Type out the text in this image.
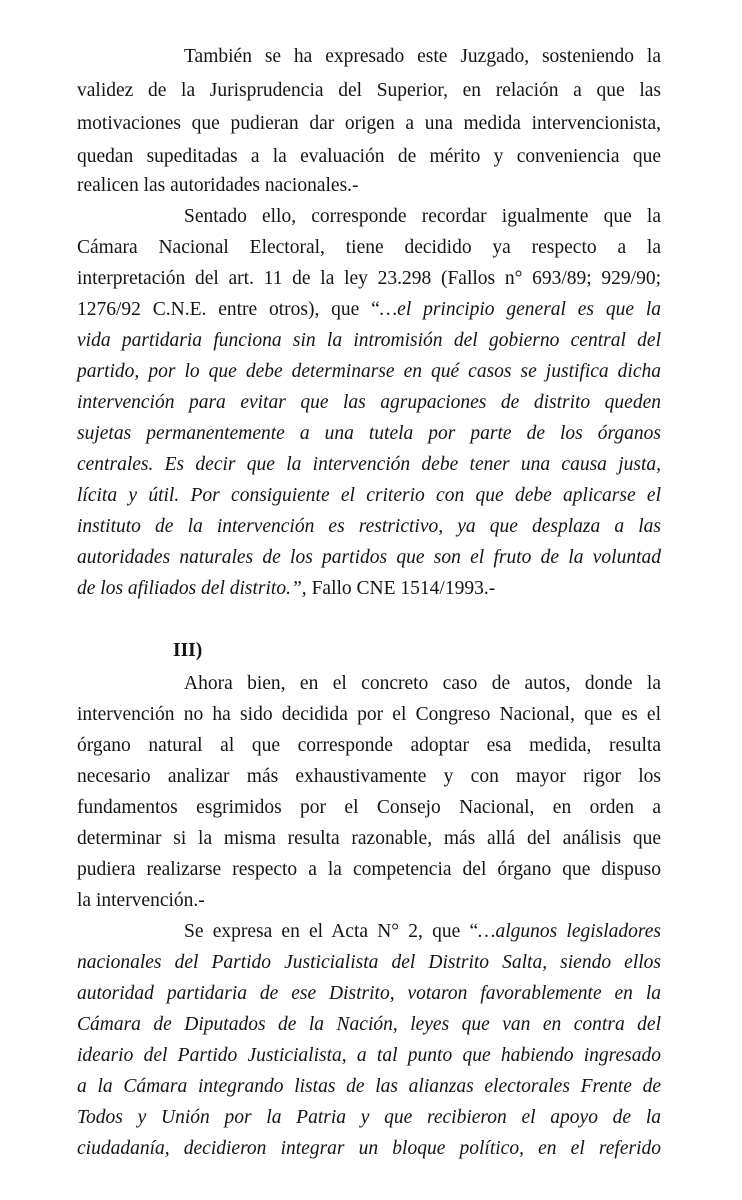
También se ha expresado este Juzgado, sosteniendo la
validez de la Jurisprudencia del Superior, en relación a que las
motivaciones que pudieran dar origen a una medida intervencionista,
quedan supeditadas a la evaluación de mérito y conveniencia que
realicen las autoridades nacionales.-
Sentado ello, corresponde recordar igualmente que la
Cámara Nacional Electoral, tiene decidido ya respecto a la
interpretación del art. 11 de la ley 23.298 (Fallos n° 693/89; 929/90;
1276/92 C.N.E. entre otros), que “…el principio general es que la
vida partidaria funciona sin la intromisión del gobierno central del
partido, por lo que debe determinarse en qué casos se justifica dicha
intervención para evitar que las agrupaciones de distrito queden
sujetas permanentemente a una tutela por parte de los órganos
centrales. Es decir que la intervención debe tener una causa justa,
lícita y útil. Por consiguiente el criterio con que debe aplicarse el
instituto de la intervención es restrictivo, ya que desplaza a las
autoridades naturales de los partidos que son el fruto de la voluntad
de los afiliados del distrito.”, Fallo CNE 1514/1993.-
III)
Ahora bien, en el concreto caso de autos, donde la
intervención no ha sido decidida por el Congreso Nacional, que es el
órgano natural al que corresponde adoptar esa medida, resulta
necesario analizar más exhaustivamente y con mayor rigor los
fundamentos esgrimidos por el Consejo Nacional, en orden a
determinar si la misma resulta razonable, más allá del análisis que
pudiera realizarse respecto a la competencia del órgano que dispuso
la intervención.-
Se expresa en el Acta N° 2, que “…algunos legisladores
nacionales del Partido Justicialista del Distrito Salta, siendo ellos
autoridad partidaria de ese Distrito, votaron favorablemente en la
Cámara de Diputados de la Nación, leyes que van en contra del
ideario del Partido Justicialista, a tal punto que habiendo ingresado
a la Cámara integrando listas de las alianzas electorales Frente de
Todos y Unión por la Patria y que recibieron el apoyo de la
ciudadanía, decidieron integrar un bloque político, en el referido
